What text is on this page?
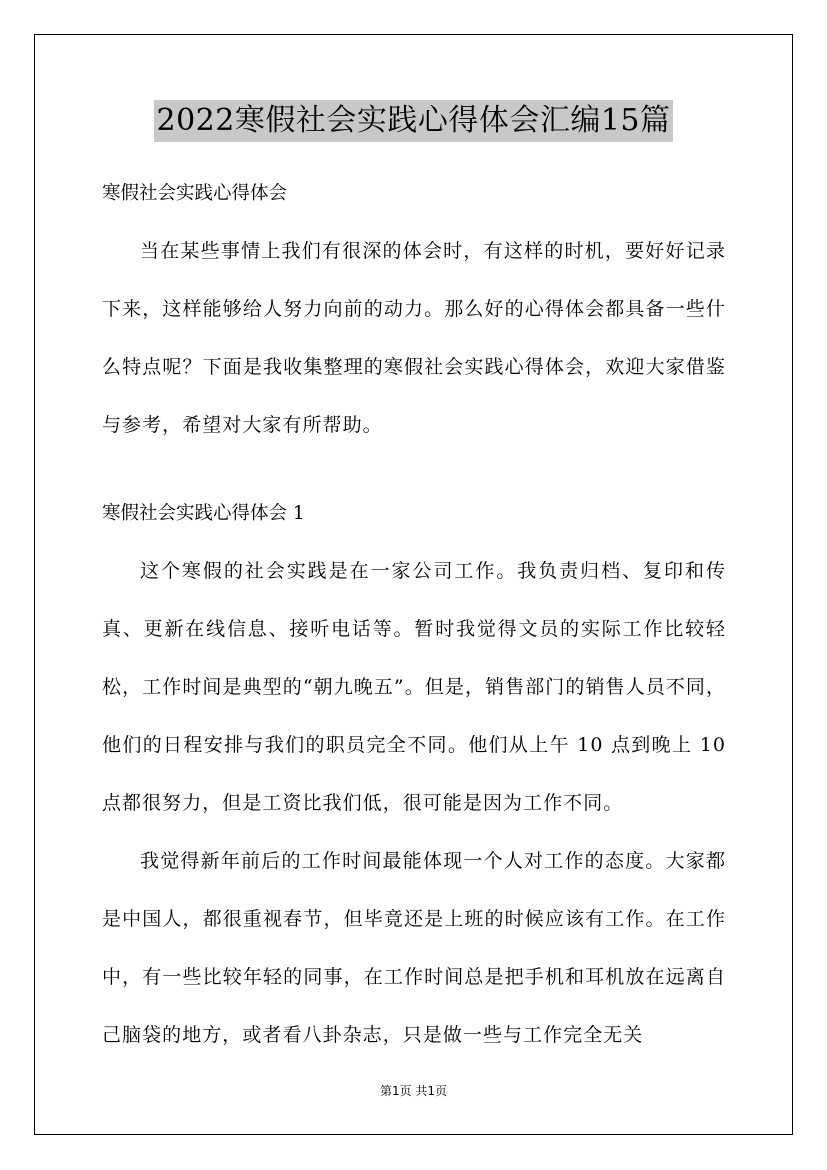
2022寒假社会实践心得体会汇编15篇

寒假社会实践心得体会

当在某些事情上我们有很深的体会时，有这样的时机，要好好记录下来，这样能够给人努力向前的动力。那么好的心得体会都具备一些什么特点呢？下面是我收集整理的寒假社会实践心得体会，欢迎大家借鉴与参考，希望对大家有所帮助。

寒假社会实践心得体会 1

这个寒假的社会实践是在一家公司工作。我负责归档、复印和传真、更新在线信息、接听电话等。暂时我觉得文员的实际工作比较轻松，工作时间是典型的“朝九晚五”。但是，销售部门的销售人员不同，他们的日程安排与我们的职员完全不同。他们从上午 10 点到晚上 10 点都很努力，但是工资比我们低，很可能是因为工作不同。

我觉得新年前后的工作时间最能体现一个人对工作的态度。大家都是中国人，都很重视春节，但毕竟还是上班的时候应该有工作。在工作中，有一些比较年轻的同事，在工作时间总是把手机和耳机放在远离自己脑袋的地方，或者看八卦杂志，只是做一些与工作完全无关

第1页 共1页
